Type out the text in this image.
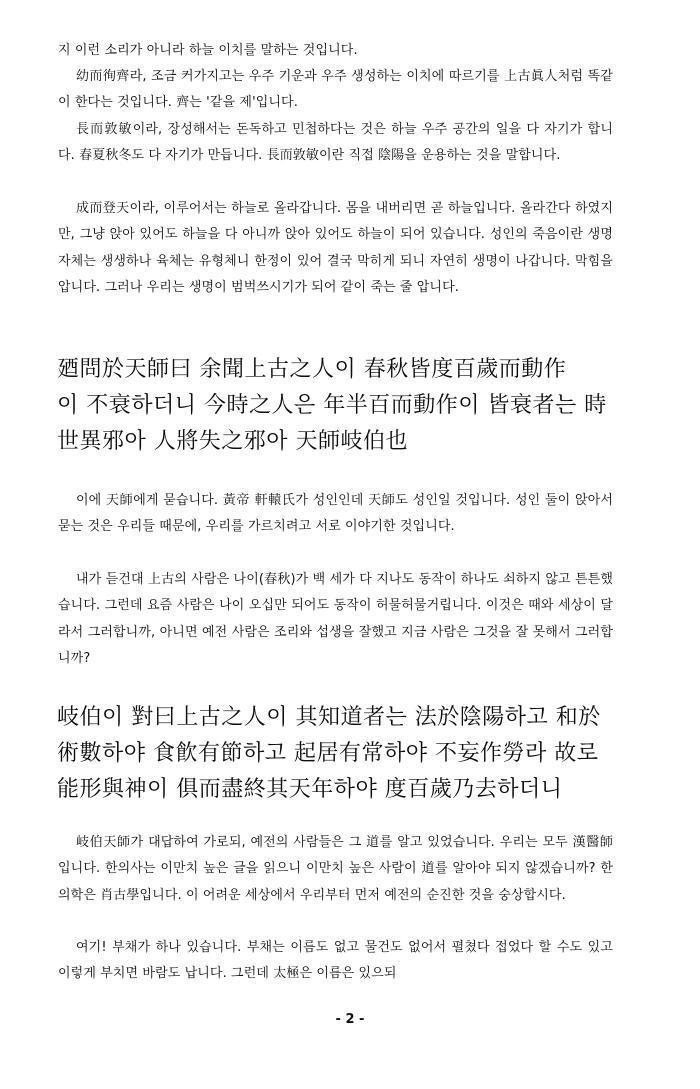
지 이런 소리가 아니라 하늘 이치를 말하는 것입니다.

幼而徇齊라, 조금 커가지고는 우주 기운과 우주 생성하는 이치에 따르기를 上古眞人처럼 똑같이 한다는 것입니다. 齊는 '같을 제'입니다.

長而敦敏이라, 장성해서는 돈독하고 민첩하다는 것은 하늘 우주 공간의 일을 다 자기가 합니다. 春夏秋冬도 다 자기가 만듭니다. 長而敦敏이란 직접 陰陽을 운용하는 것을 말합니다.

成而登天이라, 이루어서는 하늘로 올라갑니다. 몸을 내버리면 곧 하늘입니다. 올라간다 하였지만, 그냥 앉아 있어도 하늘을 다 아니까 앉아 있어도 하늘이 되어 있습니다. 성인의 죽음이란 생명 자체는 생생하나 육체는 유형체니 한정이 있어 결국 막히게 되니 자연히 생명이 나갑니다. 막힘을 압니다. 그러나 우리는 생명이 범벅쓰시기가 되어 같이 죽는 줄 압니다.

廼問於天師曰 余聞上古之人이 春秋皆度百歲而動作
이 不衰하더니 今時之人은 年半百而動作이 皆衰者는 時
世異邪아 人將失之邪아 天師岐伯也

이에 天師에게 묻습니다. 黃帝 軒轅氏가 성인인데 天師도 성인일 것입니다. 성인 둘이 앉아서 묻는 것은 우리들 때문에, 우리를 가르치려고 서로 이야기한 것입니다.

내가 듣건대 上古의 사람은 나이(春秋)가 백 세가 다 지나도 동작이 하나도 쇠하지 않고 튼튼했습니다. 그런데 요즘 사람은 나이 오십만 되어도 동작이 허물허물거립니다. 이것은 때와 세상이 달라서 그러합니까, 아니면 예전 사람은 조리와 섭생을 잘했고 지금 사람은 그것을 잘 못해서 그러합니까?

岐伯이 對曰上古之人이 其知道者는 法於陰陽하고 和於
術數하야 食飮有節하고 起居有常하야 不妄作勞라 故로
能形與神이 俱而盡終其天年하야 度百歲乃去하더니

岐伯天師가 대답하여 가로되, 예전의 사람들은 그 道를 알고 있었습니다. 우리는 모두 漢醫師입니다. 한의사는 이만치 높은 글을 읽으니 이만치 높은 사람이 道를 알아야 되지 않겠습니까? 한의학은 肖古學입니다. 이 어려운 세상에서 우리부터 먼저 예전의 순진한 것을 숭상합시다.

여기! 부채가 하나 있습니다. 부채는 이름도 없고 물건도 없어서 펼쳤다 접었다 할 수도 있고 이렇게 부치면 바람도 납니다. 그런데 太極은 이름은 있으되

- 2 -
